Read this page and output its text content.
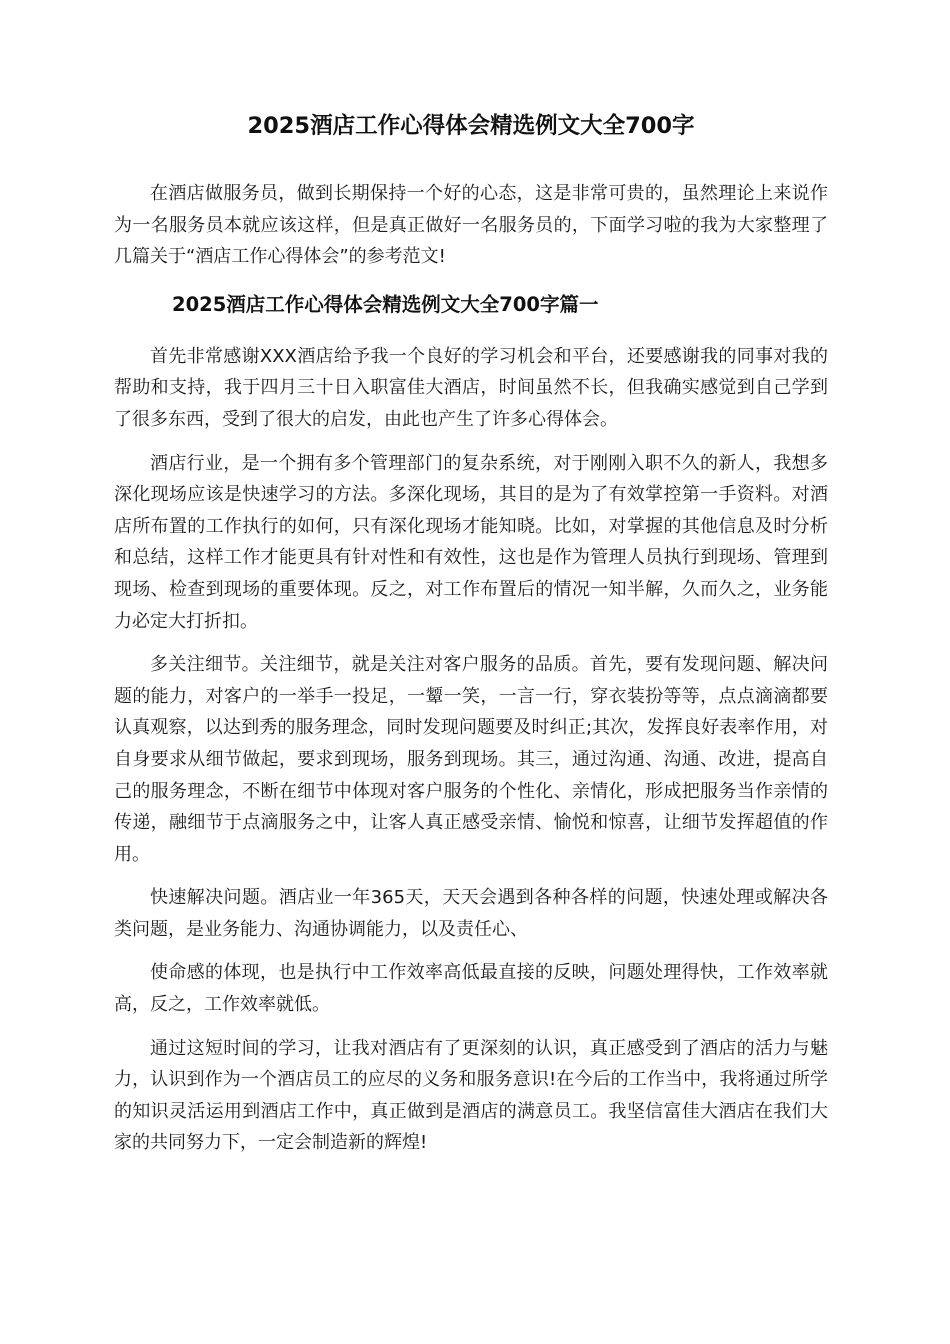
2025酒店工作心得体会精选例文大全700字

在酒店做服务员，做到长期保持一个好的心态，这是非常可贵的，虽然理论上来说作为一名服务员本就应该这样，但是真正做好一名服务员的，下面学习啦的我为大家整理了几篇关于“酒店工作心得体会”的参考范文!

2025酒店工作心得体会精选例文大全700字篇一

首先非常感谢XXX酒店给予我一个良好的学习机会和平台，还要感谢我的同事对我的帮助和支持，我于四月三十日入职富佳大酒店，时间虽然不长，但我确实感觉到自己学到了很多东西，受到了很大的启发，由此也产生了许多心得体会。

酒店行业，是一个拥有多个管理部门的复杂系统，对于刚刚入职不久的新人，我想多深化现场应该是快速学习的方法。多深化现场，其目的是为了有效掌控第一手资料。对酒店所布置的工作执行的如何，只有深化现场才能知晓。比如，对掌握的其他信息及时分析和总结，这样工作才能更具有针对性和有效性，这也是作为管理人员执行到现场、管理到现场、检查到现场的重要体现。反之，对工作布置后的情况一知半解，久而久之，业务能力必定大打折扣。

多关注细节。关注细节，就是关注对客户服务的品质。首先，要有发现问题、解决问题的能力，对客户的一举手一投足，一颦一笑，一言一行，穿衣装扮等等，点点滴滴都要认真观察，以达到秀的服务理念，同时发现问题要及时纠正;其次，发挥良好表率作用，对自身要求从细节做起，要求到现场，服务到现场。其三，通过沟通、沟通、改进，提高自己的服务理念，不断在细节中体现对客户服务的个性化、亲情化，形成把服务当作亲情的传递，融细节于点滴服务之中，让客人真正感受亲情、愉悦和惊喜，让细节发挥超值的作用。

快速解决问题。酒店业一年365天，天天会遇到各种各样的问题，快速处理或解决各类问题，是业务能力、沟通协调能力，以及责任心、

使命感的体现，也是执行中工作效率高低最直接的反映，问题处理得快，工作效率就高，反之，工作效率就低。

通过这短时间的学习，让我对酒店有了更深刻的认识，真正感受到了酒店的活力与魅力，认识到作为一个酒店员工的应尽的义务和服务意识!在今后的工作当中，我将通过所学的知识灵活运用到酒店工作中，真正做到是酒店的满意员工。我坚信富佳大酒店在我们大家的共同努力下，一定会制造新的辉煌!
